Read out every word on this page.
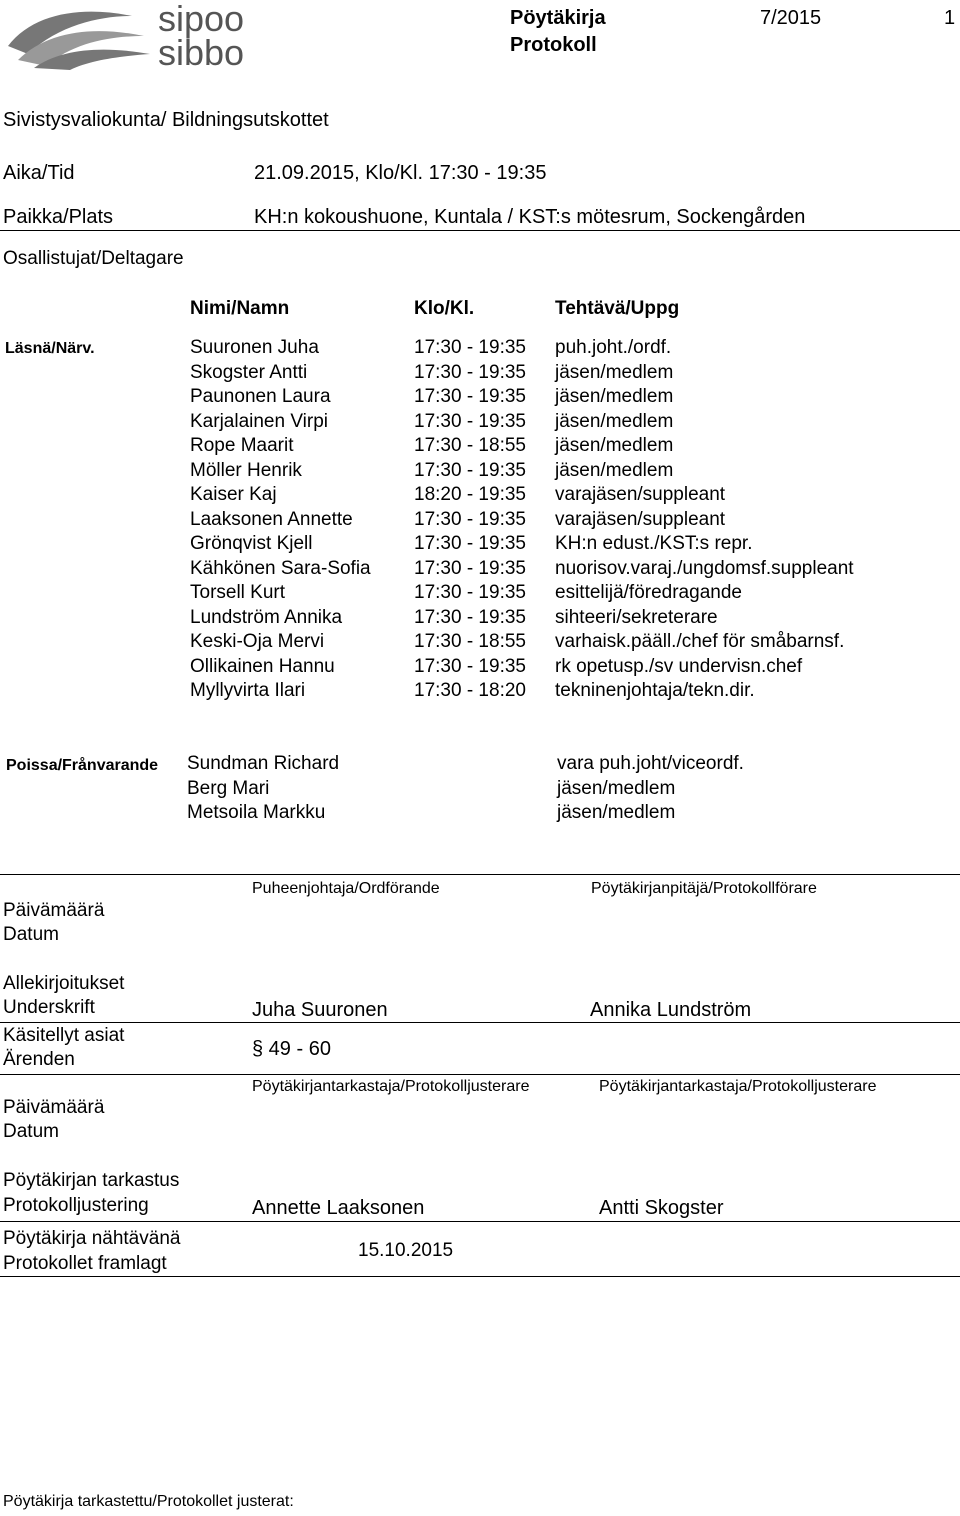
sipoo
sibbo
Pöytäkirja
Protokoll
7/2015	1
Sivistysvaliokunta/ Bildningsutskottet
Aika/Tid	21.09.2015, Klo/Kl. 17:30 - 19:35
Paikka/Plats	KH:n kokoushuone, Kuntala / KST:s mötesrum, Sockengården
Osallistujat/Deltagare
Nimi/Namn	Klo/Kl.	Tehtävä/Uppg
Läsnä/Närv.	Suuronen Juha	17:30 - 19:35 puh.joht./ordf.
Skogster Antti	17:30 - 19:35 jäsen/medlem
Paunonen Laura	17:30 - 19:35 jäsen/medlem
Karjalainen Virpi	17:30 - 19:35 jäsen/medlem
Rope Maarit	17:30 - 18:55 jäsen/medlem
Möller Henrik	17:30 - 19:35 jäsen/medlem
Kaiser Kaj	18:20 - 19:35 varajäsen/suppleant
Laaksonen Annette	17:30 - 19:35 varajäsen/suppleant
Grönqvist Kjell	17:30 - 19:35 KH:n edust./KST:s repr.
Kähkönen Sara-Sofia 17:30 - 19:35 nuorisov.varaj./ungdomsf.suppleant
Torsell Kurt	17:30 - 19:35 esittelijä/föredragande
Lundström Annika	17:30 - 19:35 sihteeri/sekreterare
Keski-Oja Mervi	17:30 - 18:55 varhaisk.pääll./chef för småbarnsf.
Ollikainen Hannu	17:30 - 19:35 rk opetusp./sv undervisn.chef
Myllyvirta Ilari	17:30 - 18:20 tekninenjohtaja/tekn.dir.
Poissa/Frånvarande Sundman Richard	vara puh.joht/viceordf.
Berg Mari	jäsen/medlem
Metsoila Markku	jäsen/medlem
Puheenjohtaja/Ordförande	Pöytäkirjanpitäjä/Protokollförare
Päivämäärä
Datum
Allekirjoitukset
Underskrift	Juha Suuronen	Annika Lundström
Käsitellyt asiat
Ärenden	§ 49 - 60
Pöytäkirjantarkastaja/Protokolljusterare	Pöytäkirjantarkastaja/Protokolljusterare
Päivämäärä
Datum
Pöytäkirjan tarkastus
Protokolljustering	Annette Laaksonen	Antti Skogster
Pöytäkirja nähtävänä
Protokollet framlagt
15.10.2015
Pöytäkirja tarkastettu/Protokollet justerat:
